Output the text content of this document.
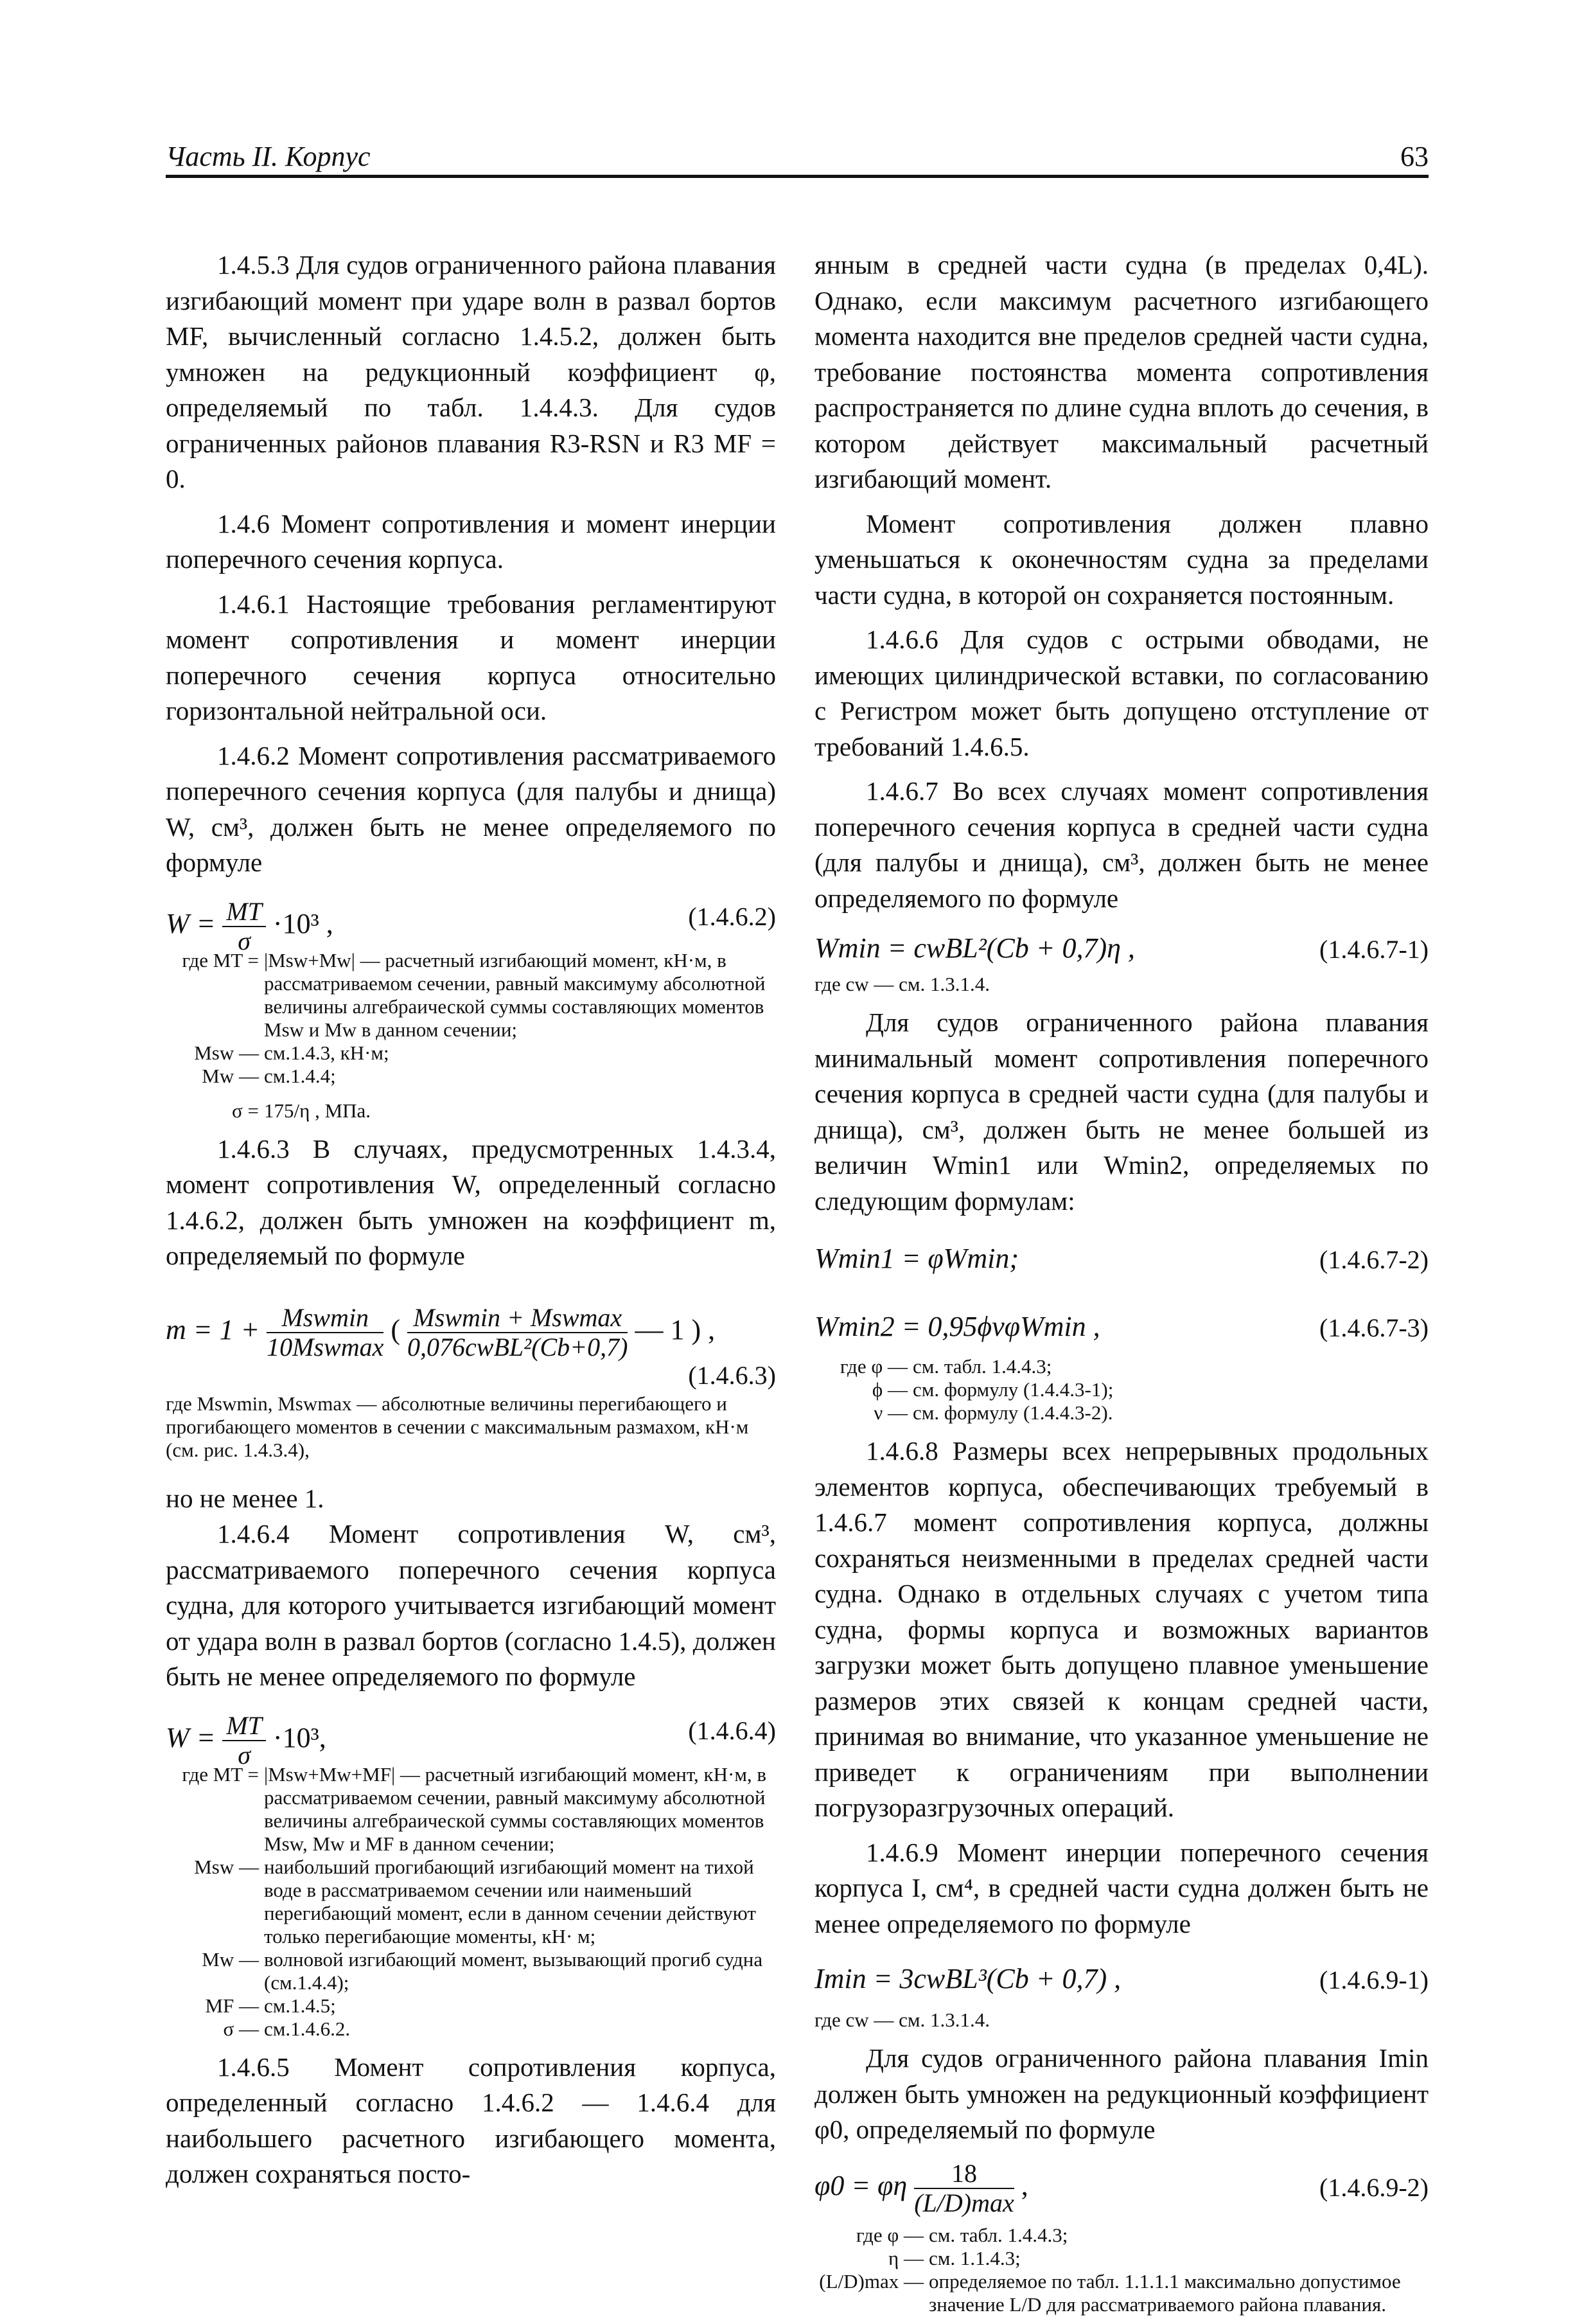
Часть II. Корпус	63

1.4.5.3 Для судов ограниченного района плавания изгибающий момент при ударе волн в развал бортов MF, вычисленный согласно 1.4.5.2, должен быть умножен на редукционный коэффициент φ, определяемый по табл. 1.4.4.3. Для судов ограниченных районов плавания R3-RSN и R3 MF = 0.

1.4.6 Момент сопротивления и момент инерции поперечного сечения корпуса.

1.4.6.1 Настоящие требования регламентируют момент сопротивления и момент инерции поперечного сечения корпуса относительно горизонтальной нейтральной оси.

1.4.6.2 Момент сопротивления рассматриваемого поперечного сечения корпуса (для палубы и днища) W, см³, должен быть не менее определяемого по формуле

$W = \frac{MT}{\sigma} \cdot 10^3$ ,	(1.4.6.2)
где MT = |Msw+Mw| — расчетный изгибающий момент, кН·м, в рассматриваемом сечении, равный максимуму абсолютной величины алгебраической суммы составляющих моментов Msw и Mw в данном сечении;
Msw — см.1.4.3, кН·м;
Mw — см.1.4.4;
σ = 175/η , МПа.

1.4.6.3 В случаях, предусмотренных 1.4.3.4, момент сопротивления W, определенный согласно 1.4.6.2, должен быть умножен на коэффициент m, определяемый по формуле

$m = 1 + \frac{\text{Mswmin}}{\text{10Mswmax}}$ ( $\frac{\text{Mswmin + Mswmax}}{\text{0,076cwBL²(Cb+0,7)}}$ — 1 ) ,
(1.4.6.3)
где Mswmin, Mswmax — абсолютные величины перегибающего и прогибающего моментов в сечении с максимальным размахом, кН·м (см. рис. 1.4.3.4),

но не менее 1.

1.4.6.4 Момент сопротивления W, см³, рассматриваемого поперечного сечения корпуса судна, для которого учитывается изгибающий момент от удара волн в развал бортов (согласно 1.4.5), должен быть не менее определяемого по формуле

$W = \frac{MT}{\sigma} \cdot 10^3$,	(1.4.6.4)
где MT = |Msw+Mw+MF| — расчетный изгибающий момент, кН·м, в рассматриваемом сечении, равный максимуму абсолютной величины алгебраической суммы составляющих моментов Msw, Mw и MF в данном сечении;
Msw — наибольший прогибающий изгибающий момент на тихой воде в рассматриваемом сечении или наименьший перегибающий момент, если в данном сечении действуют только перегибающие моменты, кН· м;
Mw — волновой изгибающий момент, вызывающий прогиб судна (см.1.4.4);
MF — см.1.4.5;
σ — см.1.4.6.2.

1.4.6.5 Момент сопротивления корпуса, определенный согласно 1.4.6.2 — 1.4.6.4 для наибольшего расчетного изгибающего момента, должен сохраняться посто-

янным в средней части судна (в пределах 0,4L). Однако, если максимум расчетного изгибающего момента находится вне пределов средней части судна, требование постоянства момента сопротивления распространяется по длине судна вплоть до сечения, в котором действует максимальный расчетный изгибающий момент.

Момент сопротивления должен плавно уменьшаться к оконечностям судна за пределами части судна, в которой он сохраняется постоянным.

1.4.6.6 Для судов с острыми обводами, не имеющих цилиндрической вставки, по согласованию с Регистром может быть допущено отступление от требований 1.4.6.5.

1.4.6.7 Во всех случаях момент сопротивления поперечного сечения корпуса в средней части судна (для палубы и днища), см³, должен быть не менее определяемого по формуле

Wmin = cwBL²(Cb + 0,7)η ,	(1.4.6.7-1)
где cw — см. 1.3.1.4.

Для судов ограниченного района плавания минимальный момент сопротивления поперечного сечения корпуса в средней части судна (для палубы и днища), см³, должен быть не менее большей из величин Wmin1 или Wmin2, определяемых по следующим формулам:

Wmin1 = φWmin;	(1.4.6.7-2)
Wmin2 = 0,95ϕνφWmin ,	(1.4.6.7-3)
где φ — см. табл. 1.4.4.3;
ϕ — см. формулу (1.4.4.3-1);
ν — см. формулу (1.4.4.3-2).

1.4.6.8 Размеры всех непрерывных продольных элементов корпуса, обеспечивающих требуемый в 1.4.6.7 момент сопротивления корпуса, должны сохраняться неизменными в пределах средней части судна. Однако в отдельных случаях с учетом типа судна, формы корпуса и возможных вариантов загрузки может быть допущено плавное уменьшение размеров этих связей к концам средней части, принимая во внимание, что указанное уменьшение не приведет к ограничениям при выполнении погрузоразгрузочных операций.

1.4.6.9 Момент инерции поперечного сечения корпуса I, см⁴, в средней части судна должен быть не менее определяемого по формуле

Imin = 3cwBL³(Cb + 0,7) ,	(1.4.6.9-1)
где cw — см. 1.3.1.4.

Для судов ограниченного района плавания Imin должен быть умножен на редукционный коэффициент φ0, определяемый по формуле

φ0 = φη $\frac{18}{(L/D)\max}$ ,	(1.4.6.9-2)
где φ — см. табл. 1.4.4.3;
η — см. 1.1.4.3;
(L/D)max — определяемое по табл. 1.1.1.1 максимально допустимое значение L/D для рассматриваемого района плавания.
